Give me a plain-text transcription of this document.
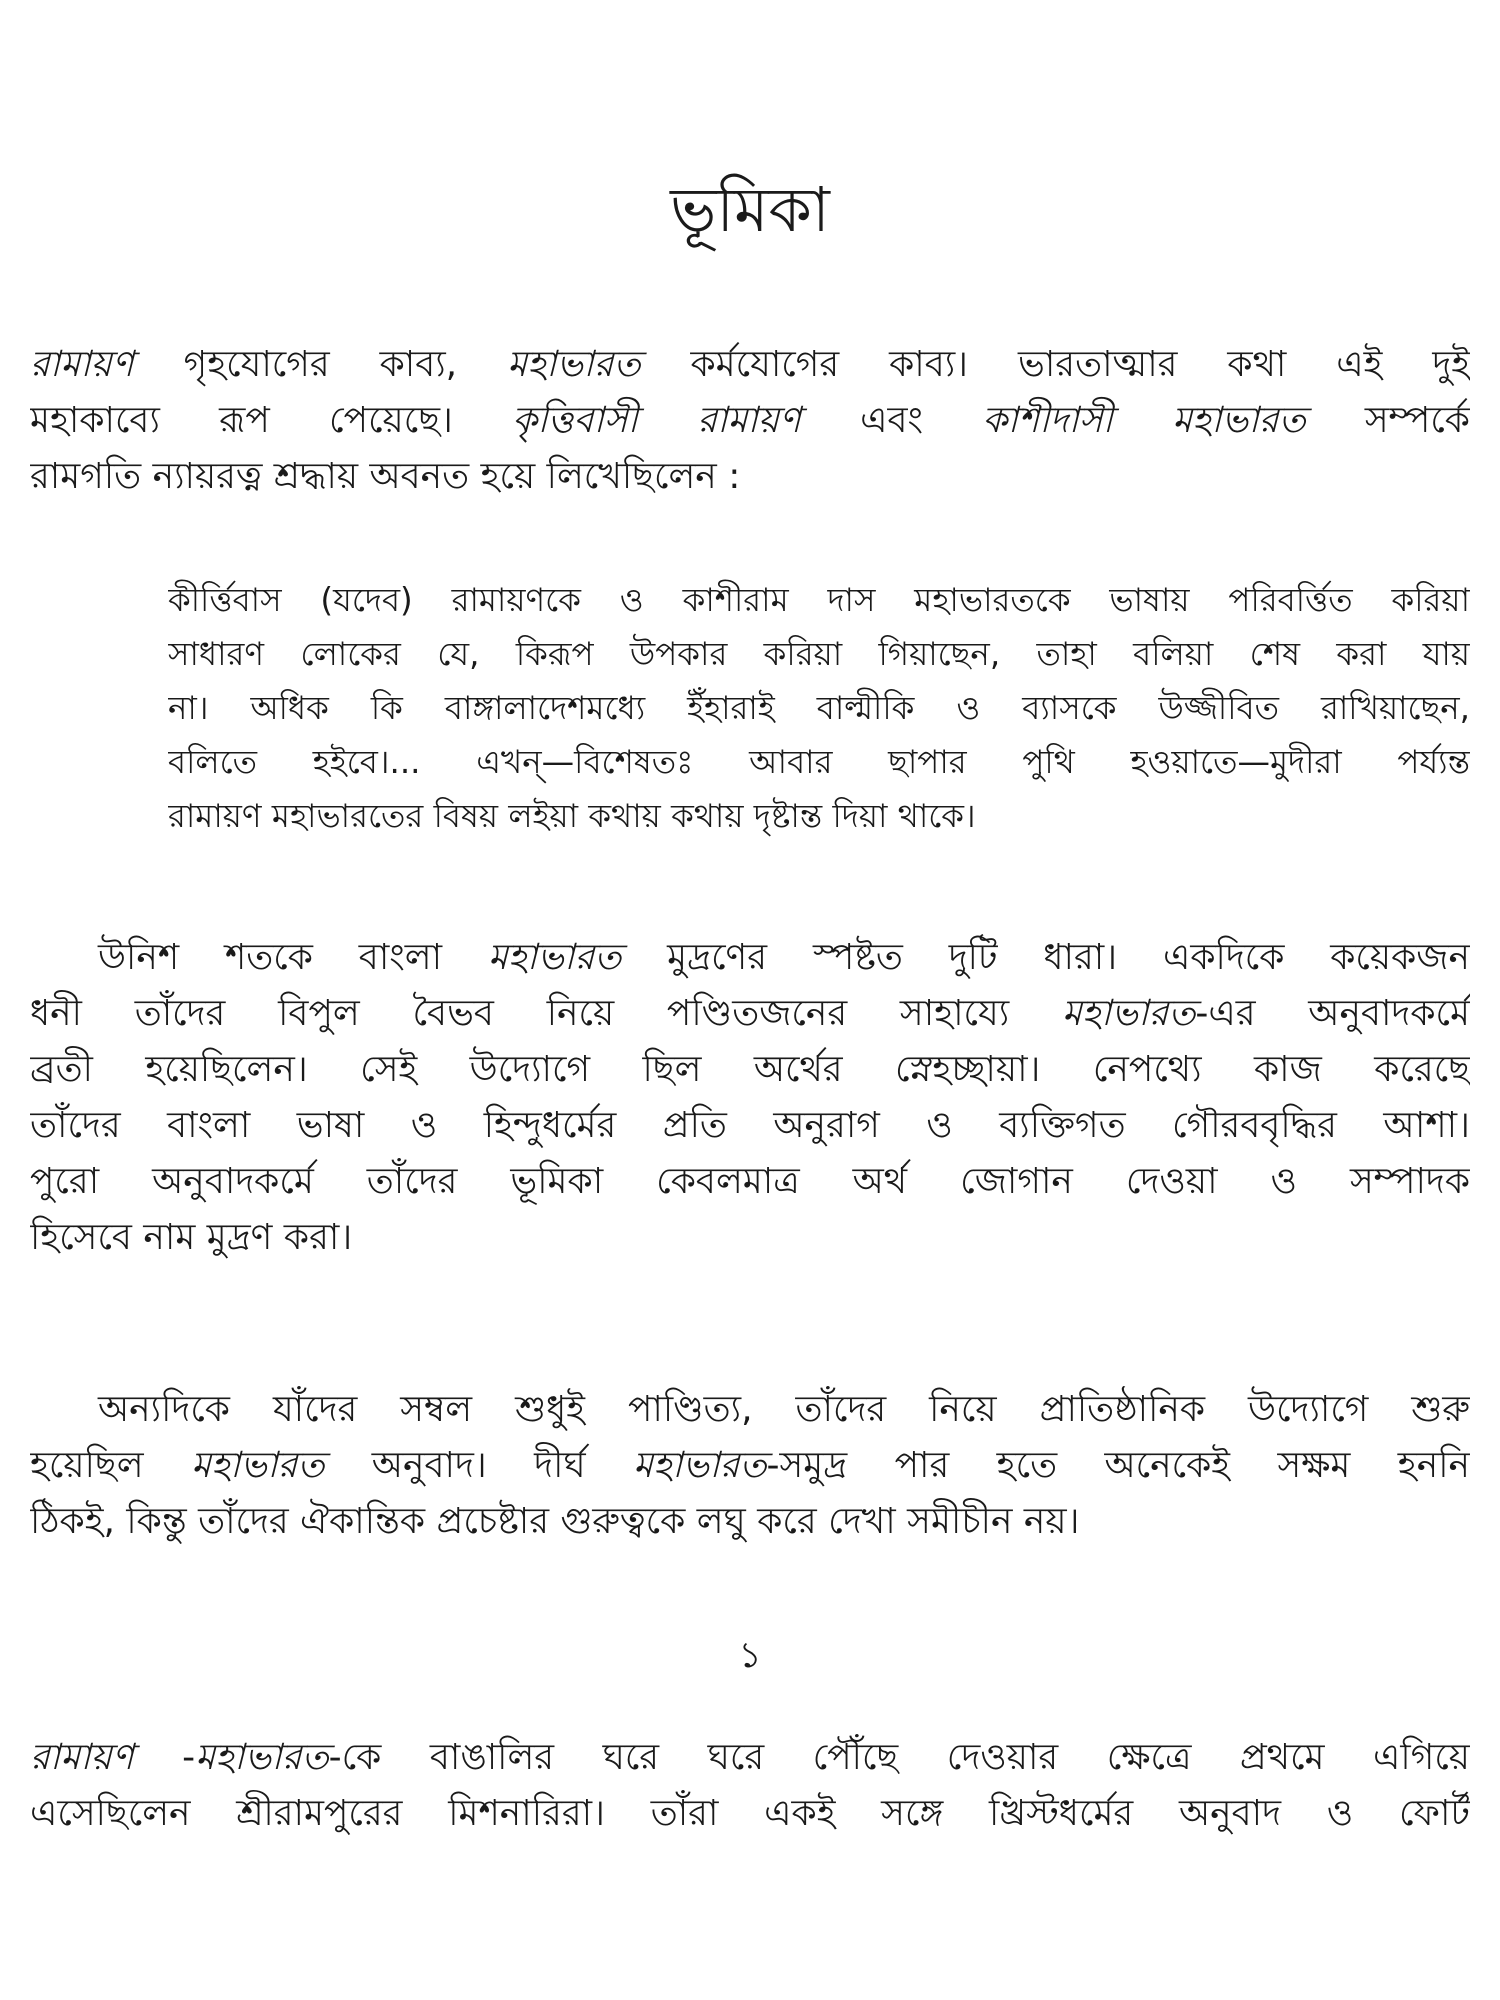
ভূমিকা
রামায়ণ গৃহযোগের কাব্য, মহাভারত কর্মযোগের কাব্য। ভারতাত্মার কথা এই দুই
মহাকাব্যে রূপ পেয়েছে। কৃত্তিবাসী রামায়ণ এবং কাশীদাসী মহাভারত সম্পর্কে
রামগতি ন্যায়রত্ন শ্রদ্ধায় অবনত হয়ে লিখেছিলেন :
কীর্ত্তিবাস (যদেব) রামায়ণকে ও কাশীরাম দাস মহাভারতকে ভাষায় পরিবর্ত্তিত করিয়া
সাধারণ লোকের যে, কিরূপ উপকার করিয়া গিয়াছেন, তাহা বলিয়া শেষ করা যায়
না। অধিক কি বাঙ্গালাদেশমধ্যে ইঁহারাই বাল্মীকি ও ব্যাসকে উজ্জীবিত রাখিয়াছেন,
বলিতে হইবে।... এখন্—বিশেষতঃ আবার ছাপার পুথি হওয়াতে—মুদীরা পর্য্যন্ত
রামায়ণ মহাভারতের বিষয় লইয়া কথায় কথায় দৃষ্টান্ত দিয়া থাকে।
উনিশ শতকে বাংলা মহাভারত মুদ্রণের স্পষ্টত দুটি ধারা। একদিকে কয়েকজন
ধনী তাঁদের বিপুল বৈভব নিয়ে পণ্ডিতজনের সাহায্যে মহাভারত-এর অনুবাদকর্মে
ব্রতী হয়েছিলেন। সেই উদ্যোগে ছিল অর্থের স্নেহচ্ছায়া। নেপথ্যে কাজ করেছে
তাঁদের বাংলা ভাষা ও হিন্দুধর্মের প্রতি অনুরাগ ও ব্যক্তিগত গৌরববৃদ্ধির আশা।
পুরো অনুবাদকর্মে তাঁদের ভূমিকা কেবলমাত্র অর্থ জোগান দেওয়া ও সম্পাদক
হিসেবে নাম মুদ্রণ করা।
অন্যদিকে যাঁদের সম্বল শুধুই পাণ্ডিত্য, তাঁদের নিয়ে প্রাতিষ্ঠানিক উদ্যোগে শুরু
হয়েছিল মহাভারত অনুবাদ। দীর্ঘ মহাভারত-সমুদ্র পার হতে অনেকেই সক্ষম হননি
ঠিকই, কিন্তু তাঁদের ঐকান্তিক প্রচেষ্টার গুরুত্বকে লঘু করে দেখা সমীচীন নয়।
১
রামায়ণ -মহাভারত-কে বাঙালির ঘরে ঘরে পৌঁছে দেওয়ার ক্ষেত্রে প্রথমে এগিয়ে
এসেছিলেন শ্রীরামপুরের মিশনারিরা। তাঁরা একই সঙ্গে খ্রিস্টধর্মের অনুবাদ ও ফোর্ট
